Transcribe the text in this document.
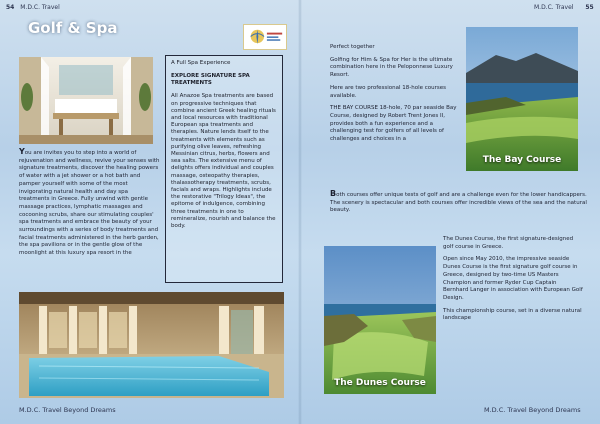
54 M.D.C. Travel
Golf & Spa
You are invites you to step into a world of rejuvenation and wellness, revive your senses with signature treatments, discover the healing powers of water with a jet shower or a hot bath and pamper yourself with some of the most invigorating natural health and day spa treatments in Greece. Fully unwind with gentle massage practices, lymphatic massages and cocooning scrubs, share our stimulating couples' spa treatments and embrace the beauty of your surroundings with a series of body treatments and facial treatments administered in the herb garden, the spa pavilions or in the gentle glow of the moonlight at this luxury spa resort in the
A Full Spa Experience
EXPLORE SIGNATURE SPA TREATMENTS
All Anazoe Spa treatments are based on progressive techniques that combine ancient Greek healing rituals and local resources with traditional European spa treatments and therapies. Nature lends itself to the treatments with elements such as purifying olive leaves, refreshing Messinian citrus, herbs, flowers and sea salts. The extensive menu of delights offers individual and couples massage, osteopathy therapies, thalassotherapy treatments, scrubs, facials and wraps. Highlights include the restorative "Trilogy Ideas", the epitome of indulgence, combining three treatments in one to remineralize, nourish and balance the body.
M.D.C. Travel Beyond Dreams
M.D.C. Travel 55

Perfect together

Golfing for Him & Spa for Her is the ultimate combination here in the Peloponnese Luxury Resort.

Here are two professional 18-hole courses available.

THE BAY COURSE 18-hole, 70 par seaside Bay Course, designed by Robert Trent Jones II, provides both a fun experience and a challenging test for golfers of all levels of challenges and choices in a

The Bay Course
Both courses offer unique tests of golf and are a challenge even for the lower handicappers. The scenery is spectacular and both courses offer incredible views of the sea and the natural beauty.
The Dunes Course

The Dunes Course, the first signature-designed golf course in Greece.

Open since May 2010, the impressive seaside Dunes Course is the first signature golf course in Greece, designed by two-time US Masters Champion and former Ryder Cup Captain Bernhard Langer in association with European Golf Design.

This championship course, set in a diverse natural landscape

M.D.C. Travel Beyond Dreams
